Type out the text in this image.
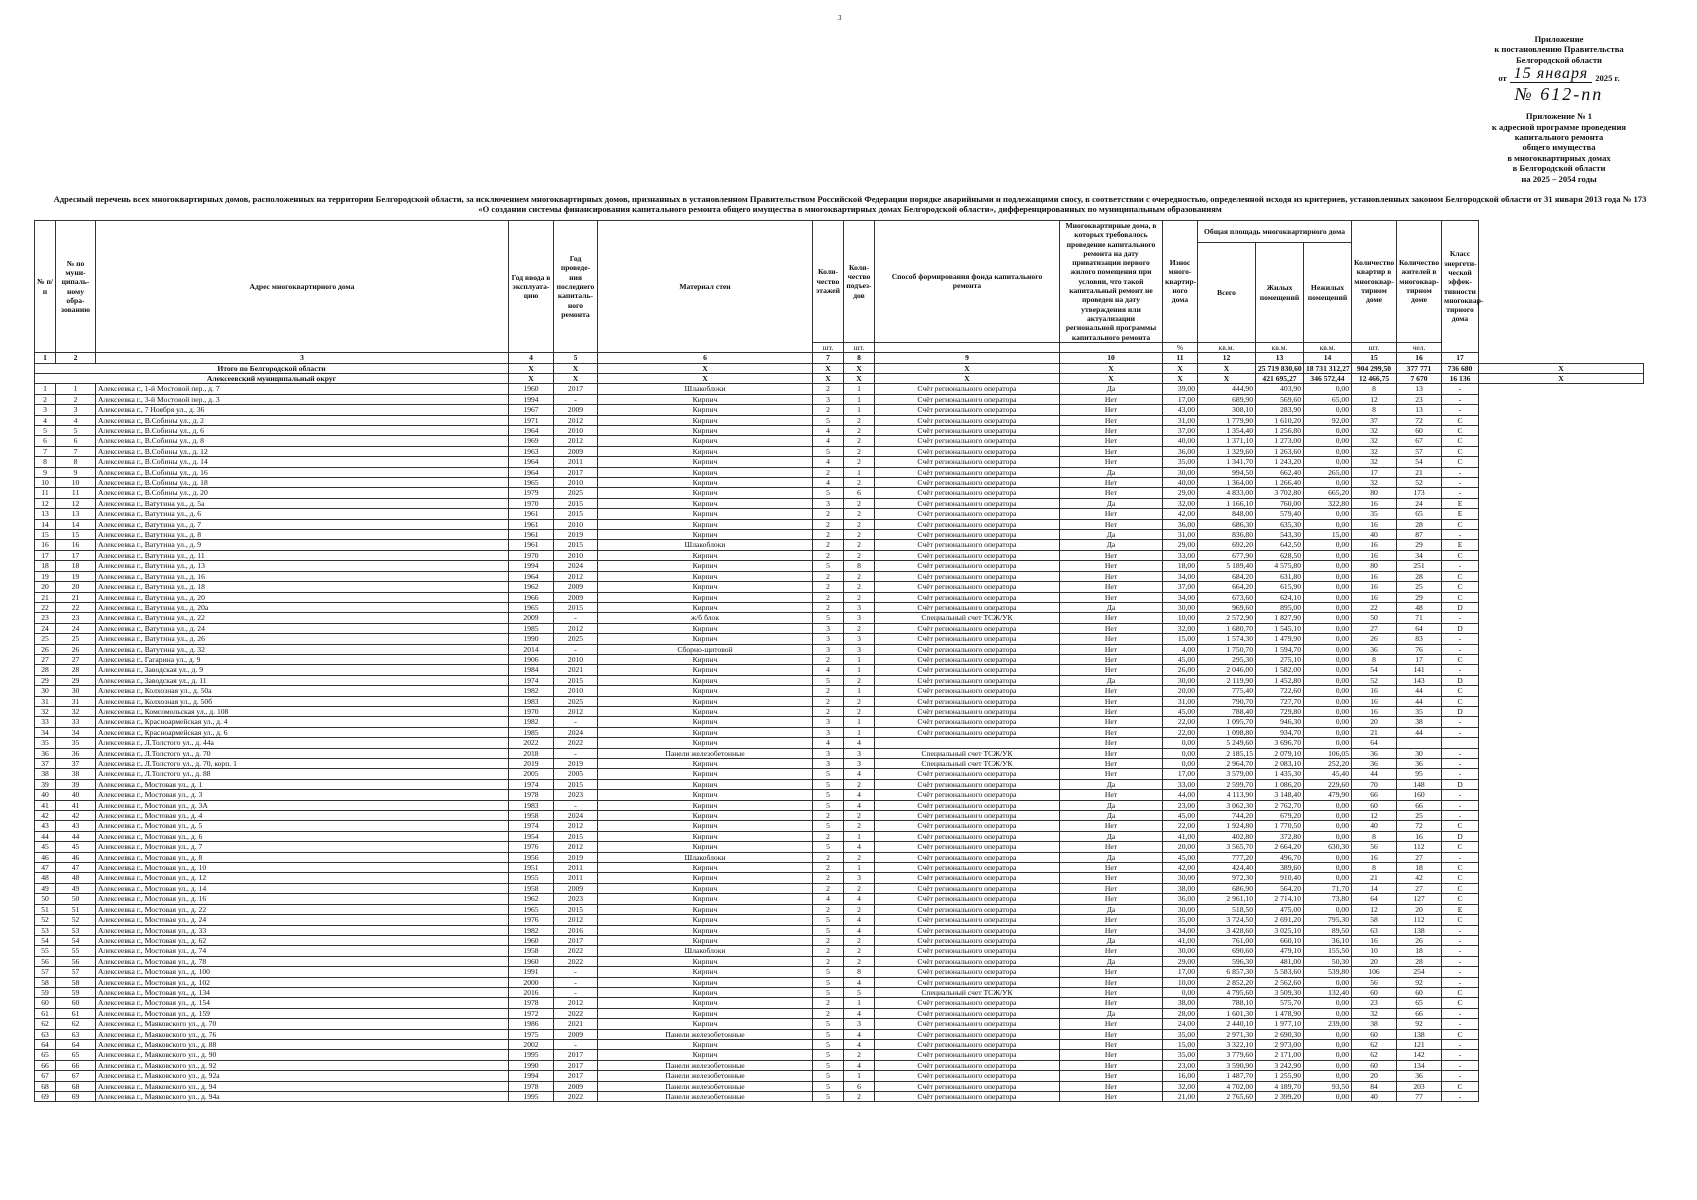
3
Приложение
к постановлению Правительства
Белгородской области
от 15 января 2025 г.
№ 612-пп
Приложение № 1
к адресной программе проведения
капитального ремонта
общего имущества
в многоквартирных домах
в Белгородской области
на 2025 – 2054 годы
Адресный перечень всех многоквартирных домов, расположенных на территории Белгородской области, за исключением многоквартирных домов, признанных в установленном Правительством Российской Федерации порядке аварийными и подлежащими сносу, в соответствии с очередностью, определенной исходя из критериев, установленных законом Белгородской области от 31 января 2013 года № 173
«О создании системы финансирования капитального ремонта общего имущества в многоквартирных домах Белгородской области», дифференцированных по муниципальным образованиям
№ п/п	№ по муни-ципаль-ному обра-зованию	Адрес многоквартирного дома	Год ввода в эксплуата-цию	Год проведе-ния последнего капиталь-ного ремонта	Материал стен	Коли-чество этажей	Коли-чество подъез-дов	Способ формирования фонда капитального ремонта	Многоквартирные дома, в которых требовалось проведение капитального ремонта на дату приватизации первого жилого помещения при условии, что такой капитальный ремонт не проведен на дату утверждения или актуализации региональной программы капитального ремонта	Износ много-квартир-ного дома	Общая площадь многоквартирного дома			Количество квартир в многоквар-тирном доме	Количество жителей в многоквар-тирном доме	Класс энергети-ческой эффек-тивности многоквар-тирного дома	
											Всего	Жилых помещений	Нежилых помещений				
						шт.	шт.			%	кв.м.	кв.м.	кв.м.	шт.	чел.		
1	2	3	4	5	6	7	8	9	10	11	12	13	14	15	16	17	
Итого по Белгородской области			X	X	X	X	X	X	X	X	X	25 719 830,60	18 731 312,27	904 299,50	377 771	736 680	X
Алексеевский муниципальный округ			X	X	X	X	X	X	X	X	X	421 695,27	346 572,44	12 466,75	7 670	16 136	X
1	1	Алексеевка г., 1-й Мостовой пер., д. 7	1960	2017	Шлакоблоки	2	1	Счёт регионального оператора	Да	39,00	444,90	403,90	0,00	8	13	-	
2	2	Алексеевка г., 3-й Мостовой пер., д. 3	1994	-	Кирпич	3	1	Счёт регионального оператора	Нет	17,00	689,90	569,60	65,00	12	23	-	
3	3	Алексеевка г., 7 Ноября ул., д. 36	1967	2009	Кирпич	2	1	Счёт регионального оператора	Нет	43,00	308,10	283,90	0,00	8	13	-	
4	4	Алексеевка г., В.Собины ул., д. 2	1971	2012	Кирпич	5	2	Счёт регионального оператора	Нет	31,00	1 779,90	1 610,20	92,00	37	72	C	
5	5	Алексеевка г., В.Собины ул., д. 6	1964	2010	Кирпич	4	2	Счёт регионального оператора	Нет	37,00	1 354,40	1 256,80	0,00	32	60	C	
6	6	Алексеевка г., В.Собины ул., д. 8	1969	2012	Кирпич	4	2	Счёт регионального оператора	Нет	40,00	1 371,10	1 273,00	0,00	32	67	C	
7	7	Алексеевка г., В.Собины ул., д. 12	1963	2009	Кирпич	5	2	Счёт регионального оператора	Нет	36,00	1 329,60	1 263,60	0,00	32	57	C	
8	8	Алексеевка г., В.Собины ул., д. 14	1964	2011	Кирпич	4	2	Счёт регионального оператора	Нет	35,00	1 341,70	1 243,20	0,00	32	54	C	
9	9	Алексеевка г., В.Собины ул., д. 16	1964	2017	Кирпич	2	1	Счёт регионального оператора	Да	30,00	994,50	662,40	265,00	17	21	-	
10	10	Алексеевка г., В.Собины ул., д. 18	1965	2010	Кирпич	4	2	Счёт регионального оператора	Нет	40,00	1 364,00	1 266,40	0,00	32	52	-	
11	11	Алексеевка г., В.Собины ул., д. 20	1979	2025	Кирпич	5	6	Счёт регионального оператора	Нет	29,00	4 833,00	3 702,80	665,20	80	173	-	
12	12	Алексеевка г., Ватутина ул., д. 5а	1970	2015	Кирпич	3	2	Счёт регионального оператора	Да	32,00	1 166,10	760,00	322,80	16	24	E	
13	13	Алексеевка г., Ватутина ул., д. 6	1961	2015	Кирпич	2	2	Счёт регионального оператора	Нет	42,00	848,00	579,40	0,00	35	65	E	
14	14	Алексеевка г., Ватутина ул., д. 7	1961	2010	Кирпич	2	2	Счёт регионального оператора	Нет	36,00	686,30	635,30	0,00	16	28	C	
15	15	Алексеевка г., Ватутина ул., д. 8	1961	2019	Кирпич	2	2	Счёт регионального оператора	Да	31,00	836,80	543,30	15,00	40	87	-	
16	16	Алексеевка г., Ватутина ул., д. 9	1961	2015	Шлакоблоки	2	2	Счёт регионального оператора	Да	29,00	692,20	642,50	0,00	16	29	E	
17	17	Алексеевка г., Ватутина ул., д. 11	1970	2010	Кирпич	2	2	Счёт регионального оператора	Нет	33,00	677,90	628,50	0,00	16	34	C	
18	18	Алексеевка г., Ватутина ул., д. 13	1994	2024	Кирпич	5	8	Счёт регионального оператора	Нет	18,00	5 189,40	4 575,80	0,00	80	251	-	
19	19	Алексеевка г., Ватутина ул., д. 16	1964	2012	Кирпич	2	2	Счёт регионального оператора	Нет	34,00	684,20	631,80	0,00	16	28	C	
20	20	Алексеевка г., Ватутина ул., д. 18	1962	2009	Кирпич	2	2	Счёт регионального оператора	Нет	37,00	664,20	615,90	0,00	16	25	C	
21	21	Алексеевка г., Ватутина ул., д. 20	1966	2009	Кирпич	2	2	Счёт регионального оператора	Нет	34,00	673,60	624,10	0,00	16	29	C	
22	22	Алексеевка г., Ватутина ул., д. 20а	1965	2015	Кирпич	2	3	Счёт регионального оператора	Да	30,00	969,60	895,00	0,00	22	48	D	
23	23	Алексеевка г., Ватутина ул., д. 22	2009	-	ж/б блок	5	3	Специальный счет ТСЖ/УК	Нет	10,00	2 572,90	1 827,90	0,00	50	71	-	
24	24	Алексеевка г., Ватутина ул., д. 24	1985	2012	Кирпич	3	2	Счёт регионального оператора	Нет	32,00	1 680,70	1 545,10	0,00	27	64	D	
25	25	Алексеевка г., Ватутина ул., д. 26	1990	2025	Кирпич	3	3	Счёт регионального оператора	Нет	15,00	1 574,30	1 479,90	0,00	26	83	-	
26	26	Алексеевка г., Ватутина ул., д. 32	2014	-	Сборно-щитовой	3	3	Счёт регионального оператора	Нет	4,00	1 750,70	1 594,70	0,00	36	76	-	
27	27	Алексеевка г., Гагарина ул., д. 9	1906	2010	Кирпич	2	1	Счёт регионального оператора	Нет	45,00	295,30	275,10	0,00	8	17	C	
28	28	Алексеевка г., Заводская ул., д. 9	1984	2021	Кирпич	4	1	Счёт регионального оператора	Нет	26,00	2 046,00	1 582,00	0,00	54	141	-	
29	29	Алексеевка г., Заводская ул., д. 11	1974	2015	Кирпич	5	2	Счёт регионального оператора	Да	30,00	2 119,90	1 452,80	0,00	52	143	D	
30	30	Алексеевка г., Колхозная ул., д. 50а	1982	2010	Кирпич	2	1	Счёт регионального оператора	Нет	20,00	775,40	722,60	0,00	16	44	C	
31	31	Алексеевка г., Колхозная ул., д. 50б	1983	2025	Кирпич	2	2	Счёт регионального оператора	Нет	31,00	790,70	727,70	0,00	16	44	C	
32	32	Алексеевка г., Комсомольская ул., д. 108	1970	2012	Кирпич	2	2	Счёт регионального оператора	Нет	45,00	788,40	729,80	0,00	16	35	D	
33	33	Алексеевка г., Красноармейская ул., д. 4	1982	-	Кирпич	3	1	Счёт регионального оператора	Нет	22,00	1 095,70	946,30	0,00	20	38	-	
34	34	Алексеевка г., Красноармейская ул., д. 6	1985	2024	Кирпич	3	1	Счёт регионального оператора	Нет	22,00	1 098,80	934,70	0,00	21	44	-	
35	35	Алексеевка г., Л.Толстого ул., д. 44а	2022	2022	Кирпич	4	4		Нет	0,00	5 249,60	3 696,70	0,00	64			
36	36	Алексеевка г., Л.Толстого ул., д. 70	2018	-	Панели железобетонные	3	3	Специальный счет ТСЖ/УК	Нет	0,00	2 185,15	2 079,10	106,05	36	30	-	
37	37	Алексеевка г., Л.Толстого ул., д. 70, корп. 1	2019	2019	Кирпич	3	3	Специальный счет ТСЖ/УК	Нет	0,00	2 964,70	2 083,10	252,20	36	36	-	
38	38	Алексеевка г., Л.Толстого ул., д. 88	2005	2005	Кирпич	5	4	Счёт регионального оператора	Нет	17,00	3 579,00	1 435,30	45,40	44	95	-	
39	39	Алексеевка г., Мостовая ул., д. 1	1974	2015	Кирпич	5	2	Счёт регионального оператора	Да	33,00	2 599,70	1 086,20	229,60	70	148	D	
40	40	Алексеевка г., Мостовая ул., д. 3	1978	2023	Кирпич	5	4	Счёт регионального оператора	Нет	44,00	4 113,90	3 148,40	479,90	66	160	-	
41	41	Алексеевка г., Мостовая ул., д. 3А	1983	-	Кирпич	5	4	Счёт регионального оператора	Да	23,00	3 062,30	2 762,70	0,00	60	66	-	
42	42	Алексеевка г., Мостовая ул., д. 4	1958	2024	Кирпич	2	2	Счёт регионального оператора	Да	45,00	744,20	679,20	0,00	12	25	-	
43	43	Алексеевка г., Мостовая ул., д. 5	1974	2012	Кирпич	5	2	Счёт регионального оператора	Нет	22,00	1 924,80	1 770,50	0,00	40	72	C	
44	44	Алексеевка г., Мостовая ул., д. 6	1954	2015	Кирпич	2	1	Счёт регионального оператора	Да	41,00	402,80	372,80	0,00	8	16	D	
45	45	Алексеевка г., Мостовая ул., д. 7	1976	2012	Кирпич	5	4	Счёт регионального оператора	Нет	20,00	3 565,70	2 664,20	630,30	56	112	C	
46	46	Алексеевка г., Мостовая ул., д. 8	1956	2019	Шлакоблоки	2	2	Счёт регионального оператора	Да	45,00	777,20	496,70	0,00	16	27	-	
47	47	Алексеевка г., Мостовая ул., д. 10	1951	2011	Кирпич	2	1	Счёт регионального оператора	Нет	42,00	424,40	389,60	0,00	8	18	C	
48	48	Алексеевка г., Мостовая ул., д. 12	1955	2011	Кирпич	2	3	Счёт регионального оператора	Нет	30,00	972,30	910,40	0,00	21	42	C	
49	49	Алексеевка г., Мостовая ул., д. 14	1958	2009	Кирпич	2	2	Счёт регионального оператора	Нет	38,00	686,90	564,20	71,70	14	27	C	
50	50	Алексеевка г., Мостовая ул., д. 16	1962	2023	Кирпич	4	4	Счёт регионального оператора	Нет	36,00	2 961,10	2 714,10	73,80	64	127	C	
51	51	Алексеевка г., Мостовая ул., д. 22	1965	2015	Кирпич	2	2	Счёт регионального оператора	Да	30,00	518,50	475,00	0,00	12	20	E	
52	52	Алексеевка г., Мостовая ул., д. 24	1976	2012	Кирпич	5	4	Счёт регионального оператора	Нет	35,00	3 724,50	2 691,20	795,30	58	112	C	
53	53	Алексеевка г., Мостовая ул., д. 33	1982	2016	Кирпич	5	4	Счёт регионального оператора	Нет	34,00	3 428,60	3 025,10	89,50	63	138	-	
54	54	Алексеевка г., Мостовая ул., д. 62	1960	2017	Кирпич	2	2	Счёт регионального оператора	Да	41,00	761,00	660,10	36,10	16	26	-	
55	55	Алексеевка г., Мостовая ул., д. 74	1958	2022	Шлакоблоки	2	2	Счёт регионального оператора	Нет	30,00	690,60	479,10	155,50	10	18	-	
56	56	Алексеевка г., Мостовая ул., д. 78	1960	2022	Кирпич	2	2	Счёт регионального оператора	Да	29,00	596,30	481,00	50,30	20	28	-	
57	57	Алексеевка г., Мостовая ул., д. 100	1991	-	Кирпич	5	8	Счёт регионального оператора	Нет	17,00	6 857,30	5 583,60	539,80	106	254	-	
58	58	Алексеевка г., Мостовая ул., д. 102	2000	-	Кирпич	5	4	Счёт регионального оператора	Нет	10,00	2 852,20	2 562,60	0,00	56	92	-	
59	59	Алексеевка г., Мостовая ул., д. 134	2016	-	Кирпич	5	5	Специальный счет ТСЖ/УК	Нет	0,00	4 795,60	3 509,30	132,40	60	60	C	
60	60	Алексеевка г., Мостовая ул., д. 154	1978	2012	Кирпич	2	1	Счёт регионального оператора	Нет	38,00	788,10	575,70	0,00	23	65	C	
61	61	Алексеевка г., Мостовая ул., д. 159	1972	2022	Кирпич	2	4	Счёт регионального оператора	Да	28,00	1 601,30	1 478,90	0,00	32	66	-	
62	62	Алексеевка г., Маяковского ул., д. 70	1986	2021	Кирпич	5	3	Счёт регионального оператора	Нет	24,00	2 440,10	1 977,10	239,00	38	92	-	
63	63	Алексеевка г., Маяковского ул., д. 76	1975	2009	Панели железобетонные	5	4	Счёт регионального оператора	Нет	35,00	2 971,30	2 690,30	0,00	60	138	C	
64	64	Алексеевка г., Маяковского ул., д. 88	2002	-	Кирпич	5	4	Счёт регионального оператора	Нет	15,00	3 322,10	2 973,00	0,00	62	121	-	
65	65	Алексеевка г., Маяковского ул., д. 90	1995	2017	Кирпич	5	2	Счёт регионального оператора	Нет	35,00	3 779,60	2 171,00	0,00	62	142	-	
66	66	Алексеевка г., Маяковского ул., д. 92	1990	2017	Панели железобетонные	5	4	Счёт регионального оператора	Нет	23,00	3 590,90	3 242,90	0,00	60	134	-	
67	67	Алексеевка г., Маяковского ул., д. 92а	1994	2017	Панели железобетонные	5	1	Счёт регионального оператора	Нет	16,00	1 487,70	1 255,90	0,00	20	36	-	
68	68	Алексеевка г., Маяковского ул., д. 94	1978	2009	Панели железобетонные	5	6	Счёт регионального оператора	Нет	32,00	4 702,00	4 189,70	93,50	84	203	C	
69	69	Алексеевка г., Маяковского ул., д. 94а	1995	2022	Панели железобетонные	5	2	Счёт регионального оператора	Нет	21,00	2 765,60	2 399,20	0,00	40	77	-	
